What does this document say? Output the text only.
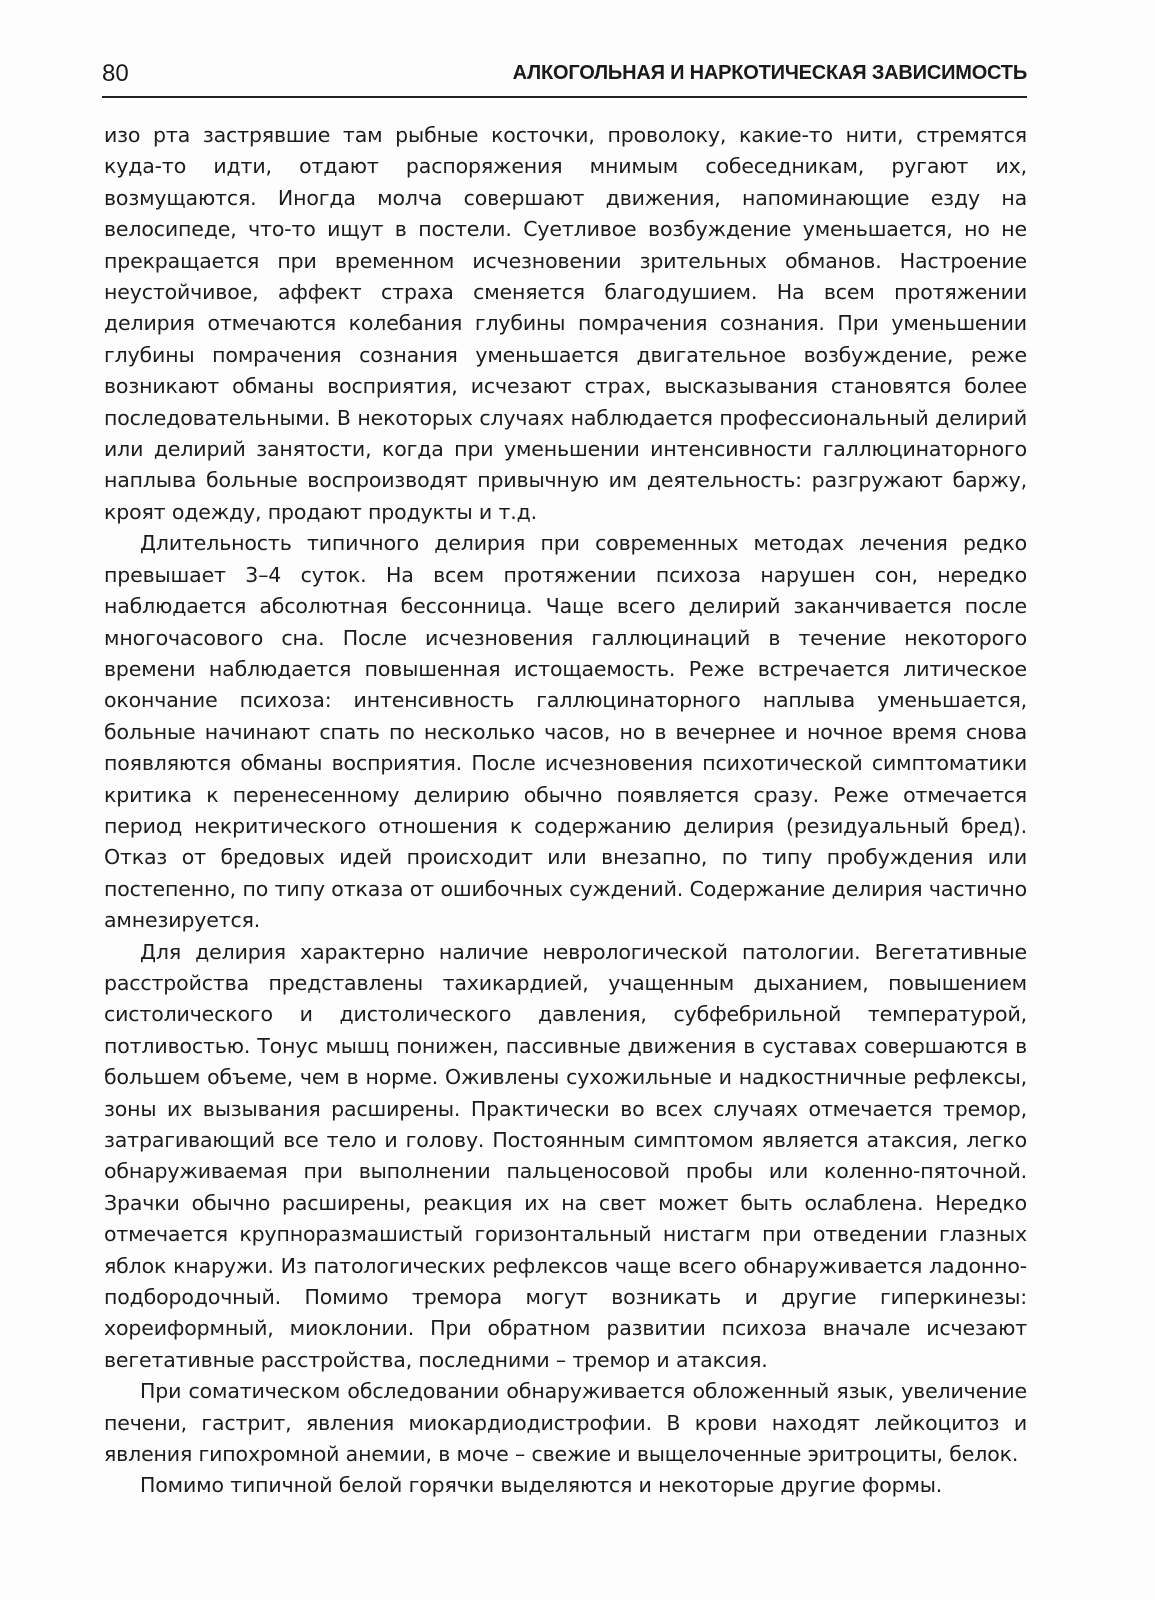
80	АЛКОГОЛЬНАЯ И НАРКОТИЧЕСКАЯ ЗАВИСИМОСТЬ

изо рта застрявшие там рыбные косточки, проволоку, какие-то нити, стремятся куда-то идти, отдают распоряжения мнимым собеседникам, ругают их, возмущаются. Иногда молча совершают движения, напоминающие езду на велосипеде, что-то ищут в постели. Суетливое возбуждение уменьшается, но не прекращается при временном исчезновении зрительных обманов. Настроение неустойчивое, аффект страха сменяется благодушием. На всем протяжении делирия отмечаются колебания глубины помрачения сознания. При уменьшении глубины помрачения сознания уменьшается двигательное возбуждение, реже возникают обманы восприятия, исчезают страх, высказывания становятся более последовательными. В некоторых случаях наблюдается профессиональный делирий или делирий занятости, когда при уменьшении интенсивности галлюцинаторного наплыва больные воспроизводят привычную им деятельность: разгружают баржу, кроят одежду, продают продукты и т.д.

Длительность типичного делирия при современных методах лечения редко превышает 3–4 суток. На всем протяжении психоза нарушен сон, нередко наблюдается абсолютная бессонница. Чаще всего делирий заканчивается после многочасового сна. После исчезновения галлюцинаций в течение некоторого времени наблюдается повышенная истощаемость. Реже встречается литическое окончание психоза: интенсивность галлюцинаторного наплыва уменьшается, больные начинают спать по несколько часов, но в вечернее и ночное время снова появляются обманы восприятия. После исчезновения психотической симптоматики критика к перенесенному делирию обычно появляется сразу. Реже отмечается период некритического отношения к содержанию делирия (резидуальный бред). Отказ от бредовых идей происходит или внезапно, по типу пробуждения или постепенно, по типу отказа от ошибочных суждений. Содержание делирия частично амнезируется.

Для делирия характерно наличие неврологической патологии. Вегетативные расстройства представлены тахикардией, учащенным дыханием, повышением систолического и дистолического давления, субфебрильной температурой, потливостью. Тонус мышц понижен, пассивные движения в суставах совершаются в большем объеме, чем в норме. Оживлены сухожильные и надкостничные рефлексы, зоны их вызывания расширены. Практически во всех случаях отмечается тремор, затрагивающий все тело и голову. Постоянным симптомом является атаксия, легко обнаруживаемая при выполнении пальценосовой пробы или коленно-пяточной. Зрачки обычно расширены, реакция их на свет может быть ослаблена. Нередко отмечается крупноразмашистый горизонтальный нистагм при отведении глазных яблок кнаружи. Из патологических рефлексов чаще всего обнаруживается ладонно-подбородочный. Помимо тремора могут возникать и другие гиперкинезы: хореиформный, миоклонии. При обратном развитии психоза вначале исчезают вегетативные расстройства, последними – тремор и атаксия.

При соматическом обследовании обнаруживается обложенный язык, увеличение печени, гастрит, явления миокардиодистрофии. В крови находят лейкоцитоз и явления гипохромной анемии, в моче – свежие и выщелоченные эритроциты, белок.

Помимо типичной белой горячки выделяются и некоторые другие формы.
